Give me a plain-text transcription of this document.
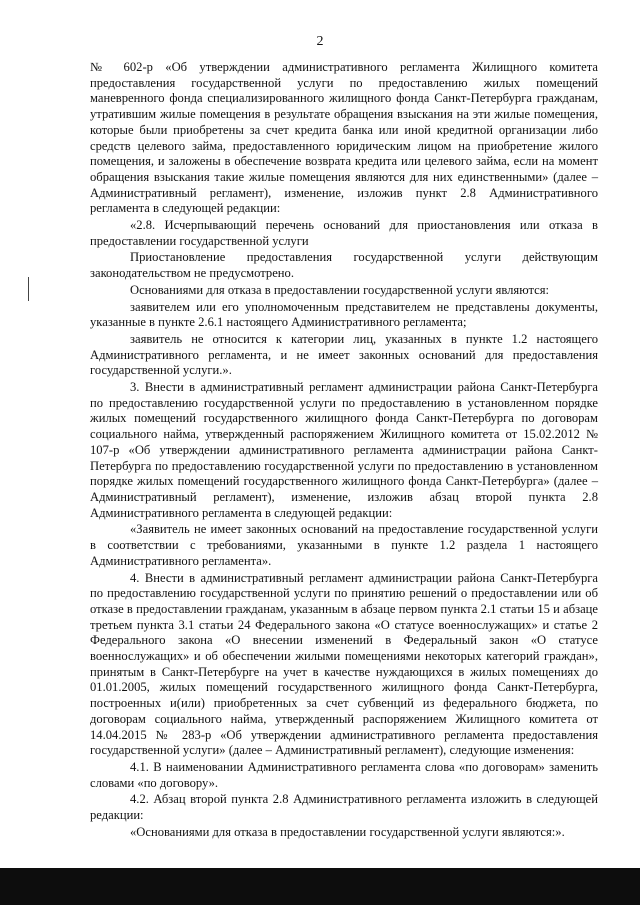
2

№ 602-р «Об утверждении административного регламента Жилищного комитета предоставления государственной услуги по предоставлению жилых помещений маневренного фонда специализированного жилищного фонда Санкт-Петербурга гражданам, утратившим жилые помещения в результате обращения взыскания на эти жилые помещения, которые были приобретены за счет кредита банка или иной кредитной организации либо средств целевого займа, предоставленного юридическим лицом на приобретение жилого помещения, и заложены в обеспечение возврата кредита или целевого займа, если на момент обращения взыскания такие жилые помещения являются для них единственными» (далее – Административный регламент), изменение, изложив пункт 2.8 Административного регламента в следующей редакции:

«2.8. Исчерпывающий перечень оснований для приостановления или отказа в предоставлении государственной услуги

Приостановление предоставления государственной услуги действующим законодательством не предусмотрено.

Основаниями для отказа в предоставлении государственной услуги являются:

заявителем или его уполномоченным представителем не представлены документы, указанные в пункте 2.6.1 настоящего Административного регламента;

заявитель не относится к категории лиц, указанных в пункте 1.2 настоящего Административного регламента, и не имеет законных оснований для предоставления государственной услуги.».

3. Внести в административный регламент администрации района Санкт-Петербурга по предоставлению государственной услуги по предоставлению в установленном порядке жилых помещений государственного жилищного фонда Санкт-Петербурга по договорам социального найма, утвержденный распоряжением Жилищного комитета от 15.02.2012 № 107-р «Об утверждении административного регламента администрации района Санкт-Петербурга по предоставлению государственной услуги по предоставлению в установленном порядке жилых помещений государственного жилищного фонда Санкт-Петербурга» (далее – Административный регламент), изменение, изложив абзац второй пункта 2.8 Административного регламента в следующей редакции:

«Заявитель не имеет законных оснований на предоставление государственной услуги в соответствии с требованиями, указанными в пункте 1.2 раздела 1 настоящего Административного регламента».

4. Внести в административный регламент администрации района Санкт-Петербурга по предоставлению государственной услуги по принятию решений о предоставлении или об отказе в предоставлении гражданам, указанным в абзаце первом пункта 2.1 статьи 15 и абзаце третьем пункта 3.1 статьи 24 Федерального закона «О статусе военнослужащих» и статье 2 Федерального закона «О внесении изменений в Федеральный закон «О статусе военнослужащих» и об обеспечении жилыми помещениями некоторых категорий граждан», принятым в Санкт-Петербурге на учет в качестве нуждающихся в жилых помещениях до 01.01.2005, жилых помещений государственного жилищного фонда Санкт-Петербурга, построенных и(или) приобретенных за счет субвенций из федерального бюджета, по договорам социального найма, утвержденный распоряжением Жилищного комитета от 14.04.2015 № 283-р «Об утверждении административного регламента предоставления государственной услуги» (далее – Административный регламент), следующие изменения:

4.1. В наименовании Административного регламента слова «по договорам» заменить словами «по договору».

4.2. Абзац второй пункта 2.8 Административного регламента изложить в следующей редакции:

«Основаниями для отказа в предоставлении государственной услуги являются:».
